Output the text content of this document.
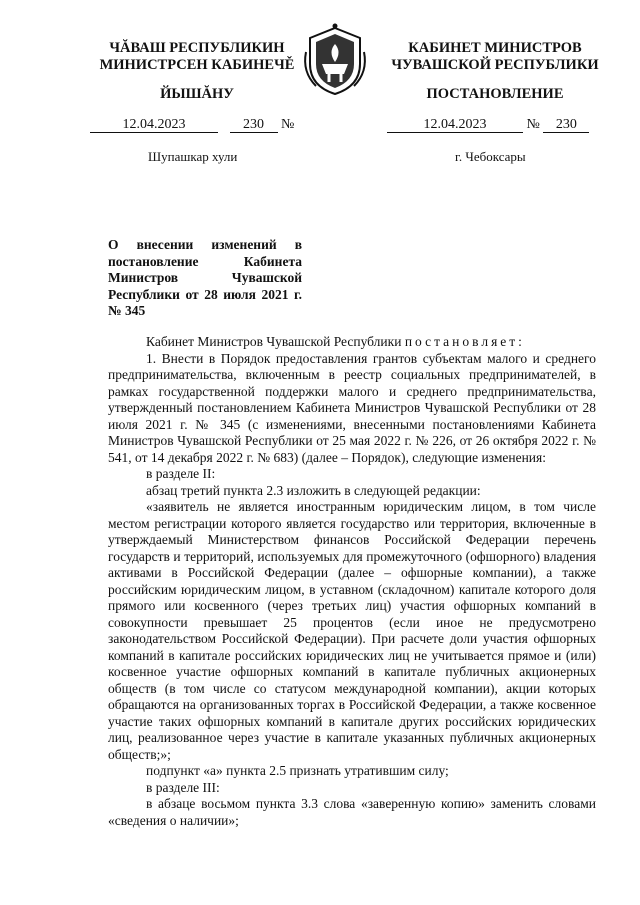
ЧĂВАШ РЕСПУБЛИКИН
МИНИСТРСЕН КАБИНЕЧĚ
ЙЫШĂНУ
КАБИНЕТ МИНИСТРОВ
ЧУВАШСКОЙ РЕСПУБЛИКИ
ПОСТАНОВЛЕНИЕ
12.04.2023	230 №	12.04.2023	№ 230
Шупашкар хули	г. Чебоксары
О внесении изменений в постановление Кабинета Министров Чувашской Республики от 28 июля 2021 г. № 345

Кабинет Министров Чувашской Республики постановляет:

1. Внести в Порядок предоставления грантов субъектам малого и среднего предпринимательства, включенным в реестр социальных предпринимателей, в рамках государственной поддержки малого и среднего предпринимательства, утвержденный постановлением Кабинета Министров Чувашской Республики от 28 июля 2021 г. № 345 (с изменениями, внесенными постановлениями Кабинета Министров Чувашской Республики от 25 мая 2022 г. № 226, от 26 октября 2022 г. № 541, от 14 декабря 2022 г. № 683) (далее – Порядок), следующие изменения:

в разделе II:

абзац третий пункта 2.3 изложить в следующей редакции:

«заявитель не является иностранным юридическим лицом, в том числе местом регистрации которого является государство или территория, включенные в утверждаемый Министерством финансов Российской Федерации перечень государств и территорий, используемых для промежуточного (офшорного) владения активами в Российской Федерации (далее – офшорные компании), а также российским юридическим лицом, в уставном (складочном) капитале которого доля прямого или косвенного (через третьих лиц) участия офшорных компаний в совокупности превышает 25 процентов (если иное не предусмотрено законодательством Российской Федерации). При расчете доли участия офшорных компаний в капитале российских юридических лиц не учитывается прямое и (или) косвенное участие офшорных компаний в капитале публичных акционерных обществ (в том числе со статусом международной компании), акции которых обращаются на организованных торгах в Российской Федерации, а также косвенное участие таких офшорных компаний в капитале других российских юридических лиц, реализованное через участие в капитале указанных публичных акционерных обществ;»;

подпункт «а» пункта 2.5 признать утратившим силу;

в разделе III:

в абзаце восьмом пункта 3.3 слова «заверенную копию» заменить словами «сведения о наличии»;
